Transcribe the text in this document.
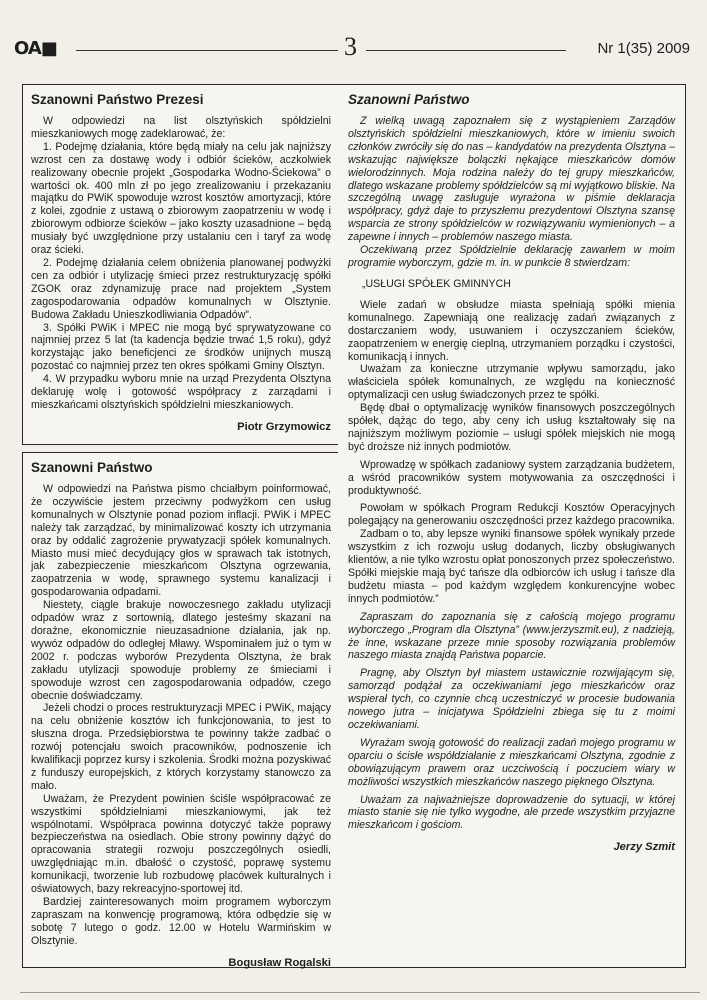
OA■	3	Nr 1(35) 2009
Szanowni Państwo Prezesi

W odpowiedzi na list olsztyńskich spółdzielni mieszkaniowych mogę zadeklarować, że:

1. Podejmę działania, które będą miały na celu jak najniższy wzrost cen za dostawę wody i odbiór ścieków, aczkolwiek realizowany obecnie projekt „Gospodarka Wodno-Ściekowa” o wartości ok. 400 mln zł po jego zrealizowaniu i przekazaniu majątku do PWiK spowoduje wzrost kosztów amortyzacji, które z kolei, zgodnie z ustawą o zbiorowym zaopatrzeniu w wodę i zbiorowym odbiorze ścieków – jako koszty uzasadnione – będą musiały być uwzględnione przy ustalaniu cen i taryf za wodę oraz ścieki.

2. Podejmę działania celem obniżenia planowanej podwyżki cen za odbiór i utylizację śmieci przez restrukturyzację spółki ZGOK oraz zdynamizuję prace nad projektem „System zagospodarowania odpadów komunalnych w Olsztynie. Budowa Zakładu Unieszkodliwiania Odpadów”.

3. Spółki PWiK i MPEC nie mogą być sprywatyzowane co najmniej przez 5 lat (ta kadencja będzie trwać 1,5 roku), gdyż korzystając jako beneficjenci ze środków unijnych muszą pozostać co najmniej przez ten okres spółkami Gminy Olsztyn.

4. W przypadku wyboru mnie na urząd Prezydenta Olsztyna deklaruję wolę i gotowość współpracy z zarządami i mieszkańcami olsztyńskich spółdzielni mieszkaniowych.

Piotr Grzymowicz
Szanowni Państwo

W odpowiedzi na Państwa pismo chciałbym poinformować, że oczywiście jestem przeciwny podwyżkom cen usług komunalnych w Olsztynie ponad poziom inflacji. PWiK i MPEC należy tak zarządzać, by minimalizować koszty ich utrzymania oraz by oddalić zagrożenie prywatyzacji spółek komunalnych. Miasto musi mieć decydujący głos w sprawach tak istotnych, jak zabezpieczenie mieszkańcom Olsztyna ogrzewania, zaopatrzenia w wodę, sprawnego systemu kanalizacji i gospodarowania odpadami.

Niestety, ciągle brakuje nowoczesnego zakładu utylizacji odpadów wraz z sortownią, dlatego jesteśmy skazani na doraźne, ekonomicznie nieuzasadnione działania, jak np. wywóz odpadów do odległej Mławy. Wspominałem już o tym w 2002 r. podczas wyborów Prezydenta Olsztyna, że brak zakładu utylizacji spowoduje problemy ze śmieciami i spowoduje wzrost cen zagospodarowania odpadów, czego obecnie doświadczamy.

Jeżeli chodzi o proces restrukturyzacji MPEC i PWiK, mający na celu obniżenie kosztów ich funkcjonowania, to jest to słuszna droga. Przedsiębiorstwa te powinny także zadbać o rozwój potencjału swoich pracowników, podnoszenie ich kwalifikacji poprzez kursy i szkolenia. Środki można pozyskiwać z funduszy europejskich, z których korzystamy stanowczo za mało.

Uważam, że Prezydent powinien ściśle współpracować ze wszystkimi spółdzielniami mieszkaniowymi, jak też wspólnotami. Współpraca powinna dotyczyć także poprawy bezpieczeństwa na osiedlach. Obie strony powinny dążyć do opracowania strategii rozwoju poszczególnych osiedli, uwzględniając m.in. dbałość o czystość, poprawę systemu komunikacji, tworzenie lub rozbudowę placówek kulturalnych i oświatowych, bazy rekreacyjno-sportowej itd.

Bardziej zainteresowanych moim programem wyborczym zapraszam na konwencję programową, która odbędzie się w sobotę 7 lutego o godz. 12.00 w Hotelu Warmińskim w Olsztynie.

Bogusław Rogalski
Szanowni Państwo

Z wielką uwagą zapoznałem się z wystąpieniem Zarządów olsztyńskich spółdzielni mieszkaniowych, które w imieniu swoich członków zwróciły się do nas – kandydatów na prezydenta Olsztyna – wskazując największe bolączki nękające mieszkańców domów wielorodzinnych. Moja rodzina należy do tej grupy mieszkańców, dlatego wskazane problemy spółdzielców są mi wyjątkowo bliskie. Na szczególną uwagę zasługuje wyrażona w piśmie deklaracja współpracy, gdyż daje to przyszłemu prezydentowi Olsztyna szansę wsparcia ze strony spółdzielców w rozwiązywaniu wymienionych – a zapewne i innych – problemów naszego miasta.

Oczekiwaną przez Spółdzielnie deklarację zawarłem w moim programie wyborczym, gdzie m. in. w punkcie 8 stwierdzam:

„USŁUGI SPÓŁEK GMINNYCH

Wiele zadań w obsłudze miasta spełniają spółki mienia komunalnego. Zapewniają one realizację zadań związanych z dostarczaniem wody, usuwaniem i oczyszczaniem ścieków, zaopatrzeniem w energię cieplną, utrzymaniem porządku i czystości, komunikacją i innych.

Uważam za konieczne utrzymanie wpływu samorządu, jako właściciela spółek komunalnych, ze względu na konieczność optymalizacji cen usług świadczonych przez te spółki.

Będę dbał o optymalizację wyników finansowych poszczególnych spółek, dążąc do tego, aby ceny ich usług kształtowały się na najniższym możliwym poziomie – usługi spółek miejskich nie mogą być droższe niż innych podmiotów.

Wprowadzę w spółkach zadaniowy system zarządzania budżetem, a wśród pracowników system motywowania za oszczędności i produktywność.

Powołam w spółkach Program Redukcji Kosztów Operacyjnych polegający na generowaniu oszczędności przez każdego pracownika.

Zadbam o to, aby lepsze wyniki finansowe spółek wynikały przede wszystkim z ich rozwoju usług dodanych, liczby obsługiwanych klientów, a nie tylko wzrostu opłat ponoszonych przez społeczeństwo. Spółki miejskie mają być tańsze dla odbiorców ich usług i tańsze dla budżetu miasta – pod każdym względem konkurencyjne wobec innych podmiotów.”

Zapraszam do zapoznania się z całością mojego programu wyborczego „Program dla Olsztyna” (www.jerzyszmit.eu), z nadzieją, że inne, wskazane przeze mnie sposoby rozwiązania problemów naszego miasta znajdą Państwa poparcie.

Pragnę, aby Olsztyn był miastem ustawicznie rozwijającym się, samorząd podążał za oczekiwaniami jego mieszkańców oraz wspierał tych, co czynnie chcą uczestniczyć w procesie budowania nowego jutra – inicjatywa Spółdzielni zbiega się tu z moimi oczekiwaniami.

Wyrażam swoją gotowość do realizacji zadań mojego programu w oparciu o ścisłe współdziałanie z mieszkańcami Olsztyna, zgodnie z obowiązującym prawem oraz uczciwością i poczuciem wiary w możliwości wszystkich mieszkańców naszego pięknego Olsztyna.

Uważam za najważniejsze doprowadzenie do sytuacji, w której miasto stanie się nie tylko wygodne, ale przede wszystkim przyjazne mieszkańcom i gościom.

Jerzy Szmit
